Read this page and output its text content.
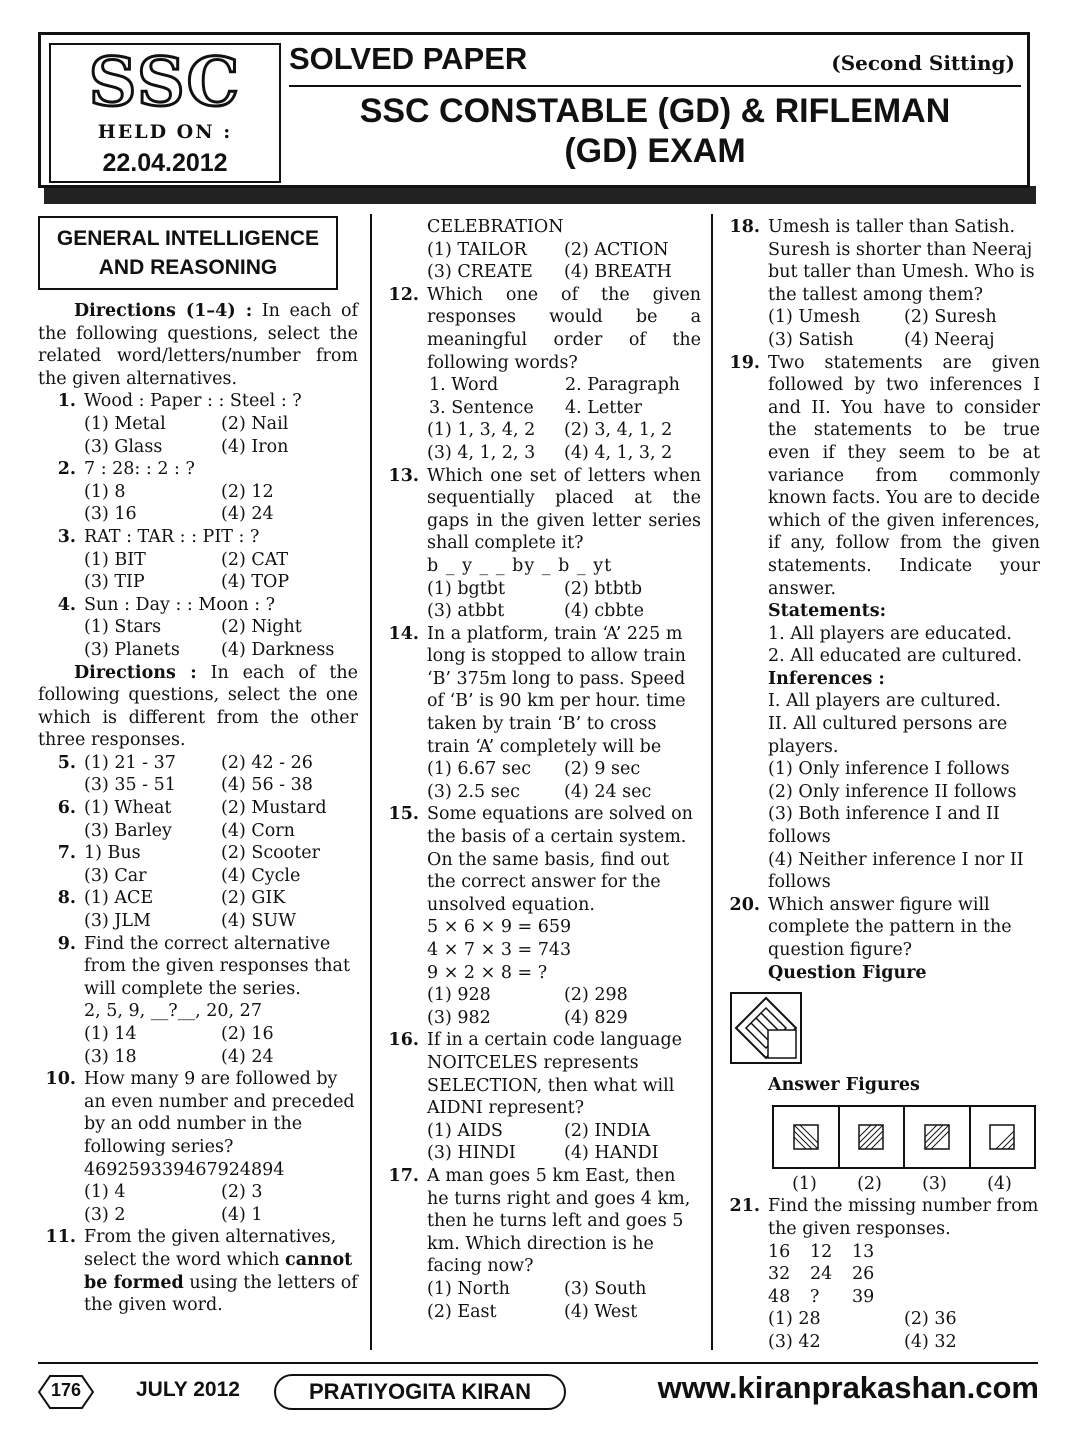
SSC
HELD ON :
22.04.2012
SOLVED PAPER	(Second Sitting)
SSC CONSTABLE (GD) & RIFLEMAN
(GD) EXAM
GENERAL INTELLIGENCE
AND REASONING
Directions (1–4) : In each of the following questions, select the related word/letters/number from the given alternatives.
1. Wood : Paper : : Steel : ?
(1) Metal	(2) Nail
(3) Glass	(4) Iron
2. 7 : 28: : 2 : ?
(1) 8	(2) 12
(3) 16	(4) 24
3. RAT : TAR : : PIT : ?
(1) BIT	(2) CAT
(3) TIP	(4) TOP
4. Sun : Day : : Moon : ?
(1) Stars	(2) Night
(3) Planets	(4) Darkness
Directions : In each of the following questions, select the one which is different from the other three responses.
5. (1) 21 - 37	(2) 42 - 26
(3) 35 - 51	(4) 56 - 38
6. (1) Wheat	(2) Mustard
(3) Barley	(4) Corn
7. 1) Bus	(2) Scooter
(3) Car	(4) Cycle
8. (1) ACE	(2) GIK
(3) JLM	(4) SUW
9. Find the correct alternative from the given responses that will complete the series.
2, 5, 9, __?__, 20, 27
(1) 14	(2) 16
(3) 18	(4) 24
10. How many 9 are followed by an even number and preceded by an odd number in the following series?
469259339467924894
(1) 4	(2) 3
(3) 2	(4) 1
11. From the given alternatives, select the word which cannot be formed using the letters of the given word.
CELEBRATION
(1) TAILOR	(2) ACTION
(3) CREATE	(4) BREATH
12. Which one of the given responses would be a meaningful order of the following words?
1. Word	2. Paragraph
3. Sentence	4. Letter
(1) 1, 3, 4, 2	(2) 3, 4, 1, 2
(3) 4, 1, 2, 3	(4) 4, 1, 3, 2
13. Which one set of letters when sequentially placed at the gaps in the given letter series shall complete it?
b _ y _ _ by _ b _ yt
(1) bgtbt	(2) btbtb
(3) atbbt	(4) cbbte
14. In a platform, train ‘A’ 225 m long is stopped to allow train ‘B’ 375m long to pass. Speed of ‘B’ is 90 km per hour. time taken by train ‘B’ to cross train ‘A’ completely will be
(1) 6.67 sec	(2) 9 sec
(3) 2.5 sec	(4) 24 sec
15. Some equations are solved on the basis of a certain system. On the same basis, find out the correct answer for the unsolved equation.
5 × 6 × 9 = 659
4 × 7 × 3 = 743
9 × 2 × 8 = ?
(1) 928	(2) 298
(3) 982	(4) 829
16. If in a certain code language NOITCELES represents SELECTION, then what will AIDNI represent?
(1) AIDS	(2) INDIA
(3) HINDI	(4) HANDI
17. A man goes 5 km East, then he turns right and goes 4 km, then he turns left and goes 5 km. Which direction is he facing now?
(1) North	(3) South
(2) East	(4) West
18. Umesh is taller than Satish. Suresh is shorter than Neeraj but taller than Umesh. Who is the tallest among them?
(1) Umesh	(2) Suresh
(3) Satish	(4) Neeraj
19. Two statements are given followed by two inferences I and II. You have to consider the statements to be true even if they seem to be at variance from commonly known facts. You are to decide which of the given inferences, if any, follow from the given statements. Indicate your answer.
Statements:
1. All players are educated.
2. All educated are cultured.
Inferences :
I. All players are cultured.
II. All cultured persons are players.
(1) Only inference I follows
(2) Only inference II follows
(3) Both inference I and II follows
(4) Neither inference I nor II follows
20. Which answer figure will complete the pattern in the question figure?
Question Figure
Answer Figures
(1)	(2)	(3)	(4)
21. Find the missing number from the given responses.
16	12	13
32	24	26
48	?	39
(1) 28	(2) 36
(3) 42	(4) 32
176	JULY 2012	PRATIYOGITA KIRAN	www.kiranprakashan.com
